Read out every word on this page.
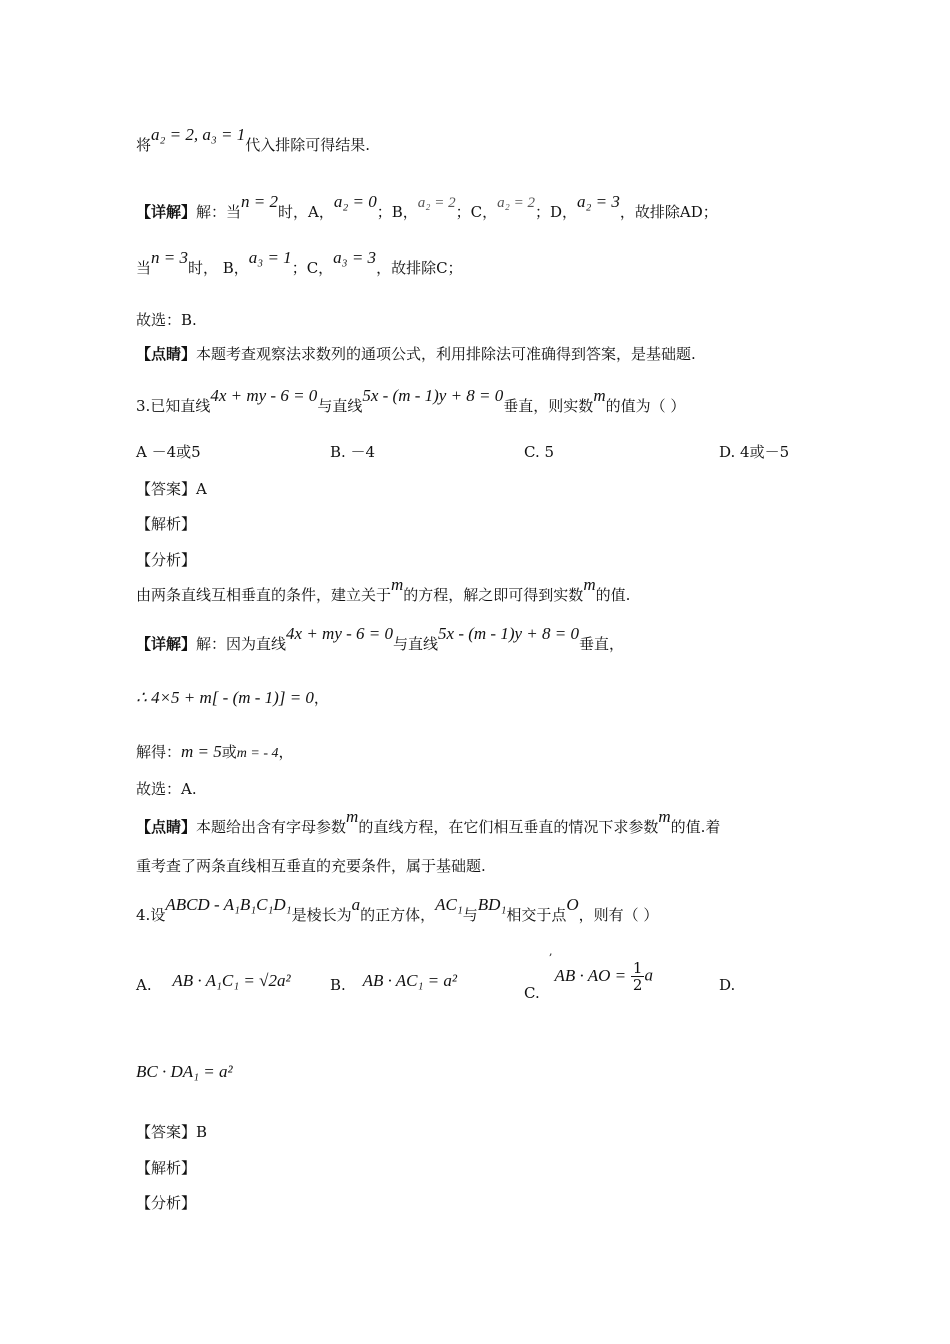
将a₂ = 2, a₃ = 1代入排除可得结果.
【详解】解：当n = 2时，A，a₂ = 0；B，a₂ = 2；C，a₂ = 2；D，a₂ = 3，故排除AD；
当n = 3时， B，a₃ = 1；C，a₃ = 3，故排除C；
故选：B.
【点睛】本题考查观察法求数列的通项公式，利用排除法可准确得到答案，是基础题.
3.已知直线4x + my - 6 = 0与直线5x - (m - 1)y + 8 = 0垂直，则实数m的值为（ ）
A －4或5	B. －4	C. 5	D. 4或－5
【答案】A
【解析】
【分析】
由两条直线互相垂直的条件，建立关于m的方程，解之即可得到实数m的值.
【详解】解：因为直线4x + my - 6 = 0与直线5x - (m - 1)y + 8 = 0垂直，
∴ 4×5 + m[ - (m - 1)] = 0，
解得：m = 5或m = - 4，
故选：A.
【点睛】本题给出含有字母参数m的直线方程，在它们相互垂直的情况下求参数m的值.着
重考查了两条直线相互垂直的充要条件，属于基础题.
4.设ABCD - A₁B₁C₁D₁是棱长为a的正方体，AC₁与BD₁相交于点O，则有（ ）
,
A. AB · A₁C₁ = √2a²	B. AB · AC₁ = a²
C. AB · AO = $\frac{1}{2}$ a
D.
BC · DA₁ = a²
【答案】B
【解析】
【分析】
